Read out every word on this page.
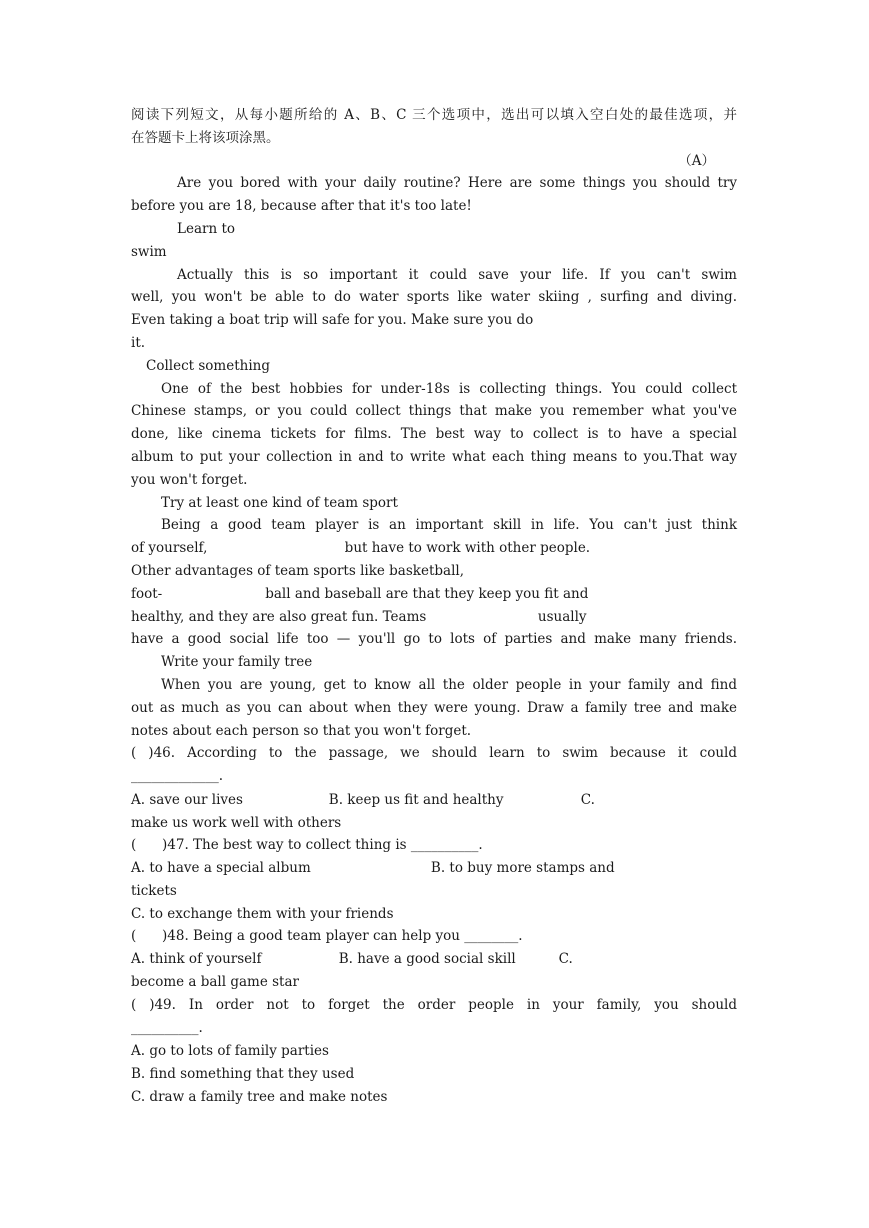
阅读下列短文，从每小题所给的 A、B、C 三个选项中，选出可以填入空白处的最佳选项，并
在答题卡上将该项涂黑。
（A）
Are you bored with your daily routine? Here are some things you should try
before you are 18, because after that it's too late!
Learn to
swim
Actually this is so important it could save your life. If you can't swim
well, you won't be able to do water sports like water skiing , surfing and diving.
Even taking a boat trip will safe for you. Make sure you do
it.
Collect something
One of the best hobbies for under-18s is collecting things. You could collect
Chinese stamps, or you could collect things that make you remember what you've
done, like cinema tickets for films. The best way to collect is to have a special
album to put your collection in and to write what each thing means to you.That way
you won't forget.
Try at least one kind of team sport
Being a good team player is an important skill in life. You can't just think
of yourself,                                but have to work with other people.
Other advantages of team sports like basketball,
foot-                        ball and baseball are that they keep you fit and
healthy, and they are also great fun. Teams                          usually
have a good social life too — you'll go to lots of parties and make many friends.
Write your family tree
When you are young, get to know all the older people in your family and find
out as much as you can about when they were young. Draw a family tree and make
notes about each person so that you won't forget.
( )46. According to the passage, we should learn to swim because it could
_____________.
A. save our lives                    B. keep us fit and healthy                  C.
make us work well with others
(      )47. The best way to collect thing is __________.
A. to have a special album                            B. to buy more stamps and
tickets
C. to exchange them with your friends
(      )48. Being a good team player can help you ________.
A. think of yourself                  B. have a good social skill          C.
become a ball game star
( )49. In order not to forget the order people in your family, you should
__________.
A. go to lots of family parties
B. find something that they used
C. draw a family tree and make notes
